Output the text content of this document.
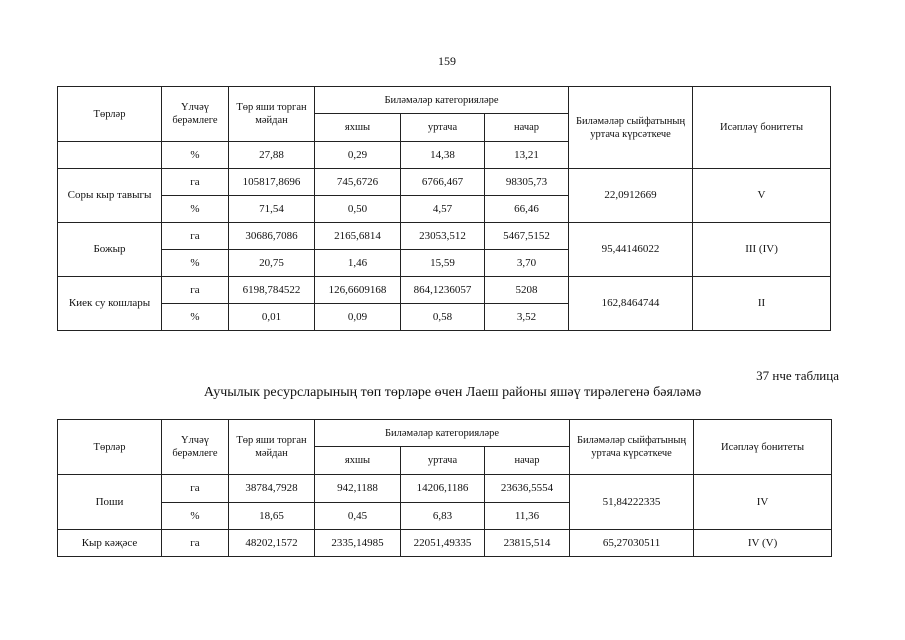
159
Төрләр	Үлчәү берәмлеге	Төр яши торган мәйдан	Биләмәләр категорияләре			Биләмәләр сыйфатының уртача күрсәткече	Исәпләү бонитеты
			яхшы	уртача	начар		
	%	27,88	0,29	14,38	13,21		
Соры кыр тавыгы	га	105817,8696	745,6726	6766,467	98305,73	22,0912669	V
	%	71,54	0,50	4,57	66,46		
Божыр	га	30686,7086	2165,6814	23053,512	5467,5152	95,44146022	III (IV)
	%	20,75	1,46	15,59	3,70		
Киек су кошлары	га	6198,784522	126,6609168	864,1236057	5208	162,8464744	II
	%	0,01	0,09	0,58	3,52		
37 нче таблица
Аучылык ресурсларының төп төрләре өчен Лаеш районы яшәү тирәлегенә бәяләмә
Төрләр	Үлчәү берәмлеге	Төр яши торган мәйдан	Биләмәләр категорияләре			Биләмәләр сыйфатының уртача күрсәткече	Исәпләү бонитеты
			яхшы	уртача	начар		
Поши	га	38784,7928	942,1188	14206,1186	23636,5554	51,84222335	IV
	%	18,65	0,45	6,83	11,36		
Кыр кәҗәсе	га	48202,1572	2335,14985	22051,49335	23815,514	65,27030511	IV (V)
